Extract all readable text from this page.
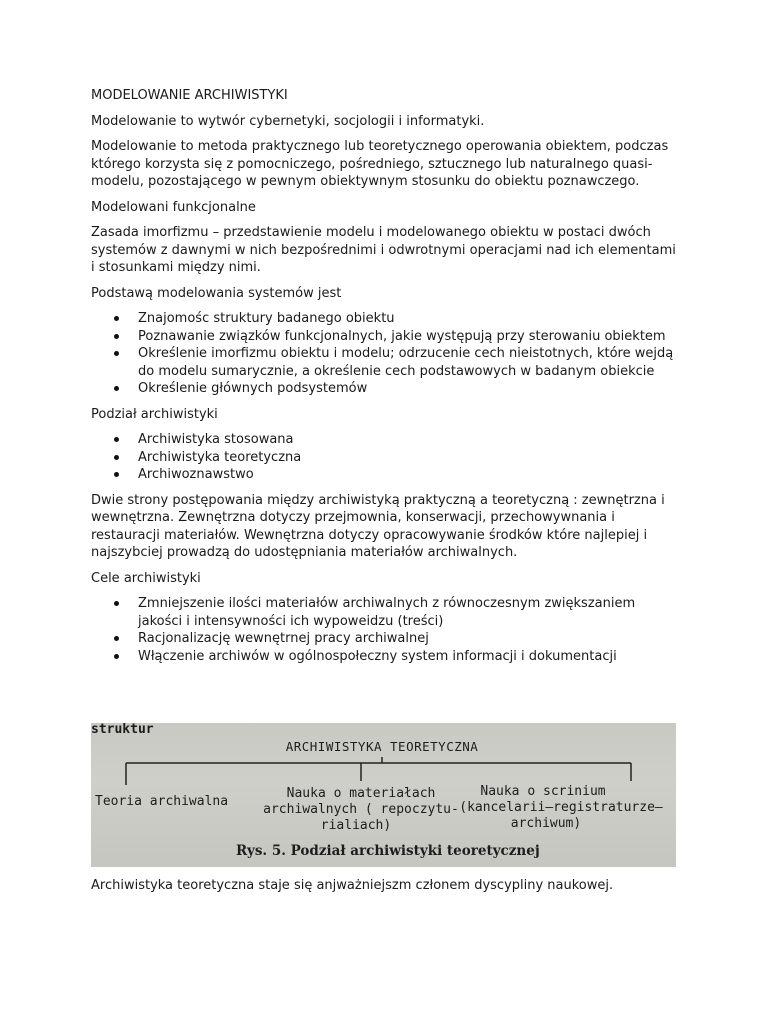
MODELOWANIE ARCHIWISTYKI

Modelowanie to wytwór cybernetyki, socjologii i informatyki.

Modelowanie to metoda praktycznego lub teoretycznego operowania obiektem, podczas którego korzysta się z pomocniczego, pośredniego, sztucznego lub naturalnego quasi-modelu, pozostającego w pewnym obiektywnym stosunku do obiektu poznawczego.

Modelowani funkcjonalne

Zasada imorfizmu – przedstawienie modelu i modelowanego obiektu w postaci dwóch systemów z dawnymi w nich bezpośrednimi i odwrotnymi operacjami nad ich elementami i stosunkami między nimi.

Podstawą modelowania systemów jest

Znajomośc struktury badanego obiektu
Poznawanie związków funkcjonalnych, jakie występują przy sterowaniu obiektem
Określenie imorfizmu obiektu i modelu; odrzucenie cech nieistotnych, które wejdą do modelu sumarycznie, a określenie cech podstawowych w badanym obiekcie
Określenie głównych podsystemów

Podział archiwistyki

Archiwistyka stosowana
Archiwistyka teoretyczna
Archiwoznawstwo

Dwie strony postępowania między archiwistyką praktyczną a teoretyczną : zewnętrzna i wewnętrzna. Zewnętrzna dotyczy przejmownia, konserwacji, przechowywnania i restauracji materiałów. Wewnętrzna dotyczy opracowywanie środków które najlepiej i najszybciej prowadzą do udostępniania materiałów archiwalnych.

Cele archiwistyki

Zmniejszenie ilości materiałów archiwalnych z równoczesnym zwiększaniem jakości i intensywności ich wypoweidzu (treści)
Racjonalizację wewnętrnej pracy archiwalnej
Włączenie archiwów w ogólnospołeczny system informacji i dokumentacji
struktur
ARCHIWISTYKA TEORETYCZNA
Teoria archiwalna
Nauka o materiałach
archiwalnych ( repoczytu-
rialiach)
Nauka o scrinium
(kancelarii–registraturze–
archiwum)
Rys. 5. Podział archiwistyki teoretycznej

Archiwistyka teoretyczna staje się anjważniejszm członem dyscypliny naukowej.
